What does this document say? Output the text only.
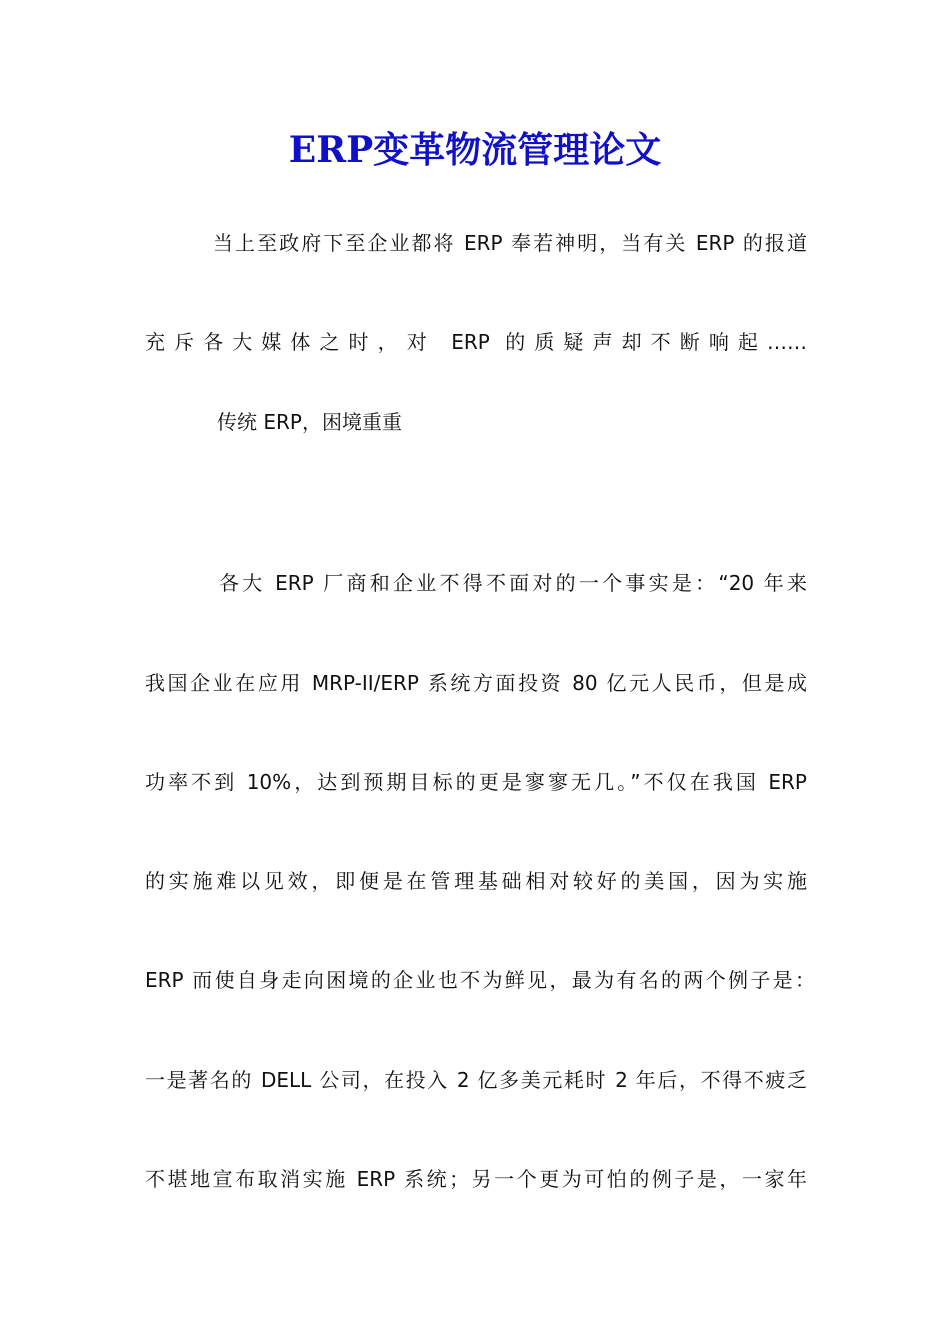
ERP变革物流管理论文

当上至政府下至企业都将 ERP 奉若神明，当有关 ERP 的报道

充斥各大媒体之时，对 ERP 的质疑声却不断响起……

传统 ERP，困境重重

各大 ERP 厂商和企业不得不面对的一个事实是：“20 年来

我国企业在应用 MRP-II/ERP 系统方面投资 80 亿元人民币，但是成

功率不到 10%，达到预期目标的更是寥寥无几。”不仅在我国 ERP

的实施难以见效，即便是在管理基础相对较好的美国，因为实施

ERP 而使自身走向困境的企业也不为鲜见，最为有名的两个例子是：

一是著名的 DELL 公司，在投入 2 亿多美元耗时 2 年后，不得不疲乏

不堪地宣布取消实施 ERP 系统；另一个更为可怕的例子是，一家年
